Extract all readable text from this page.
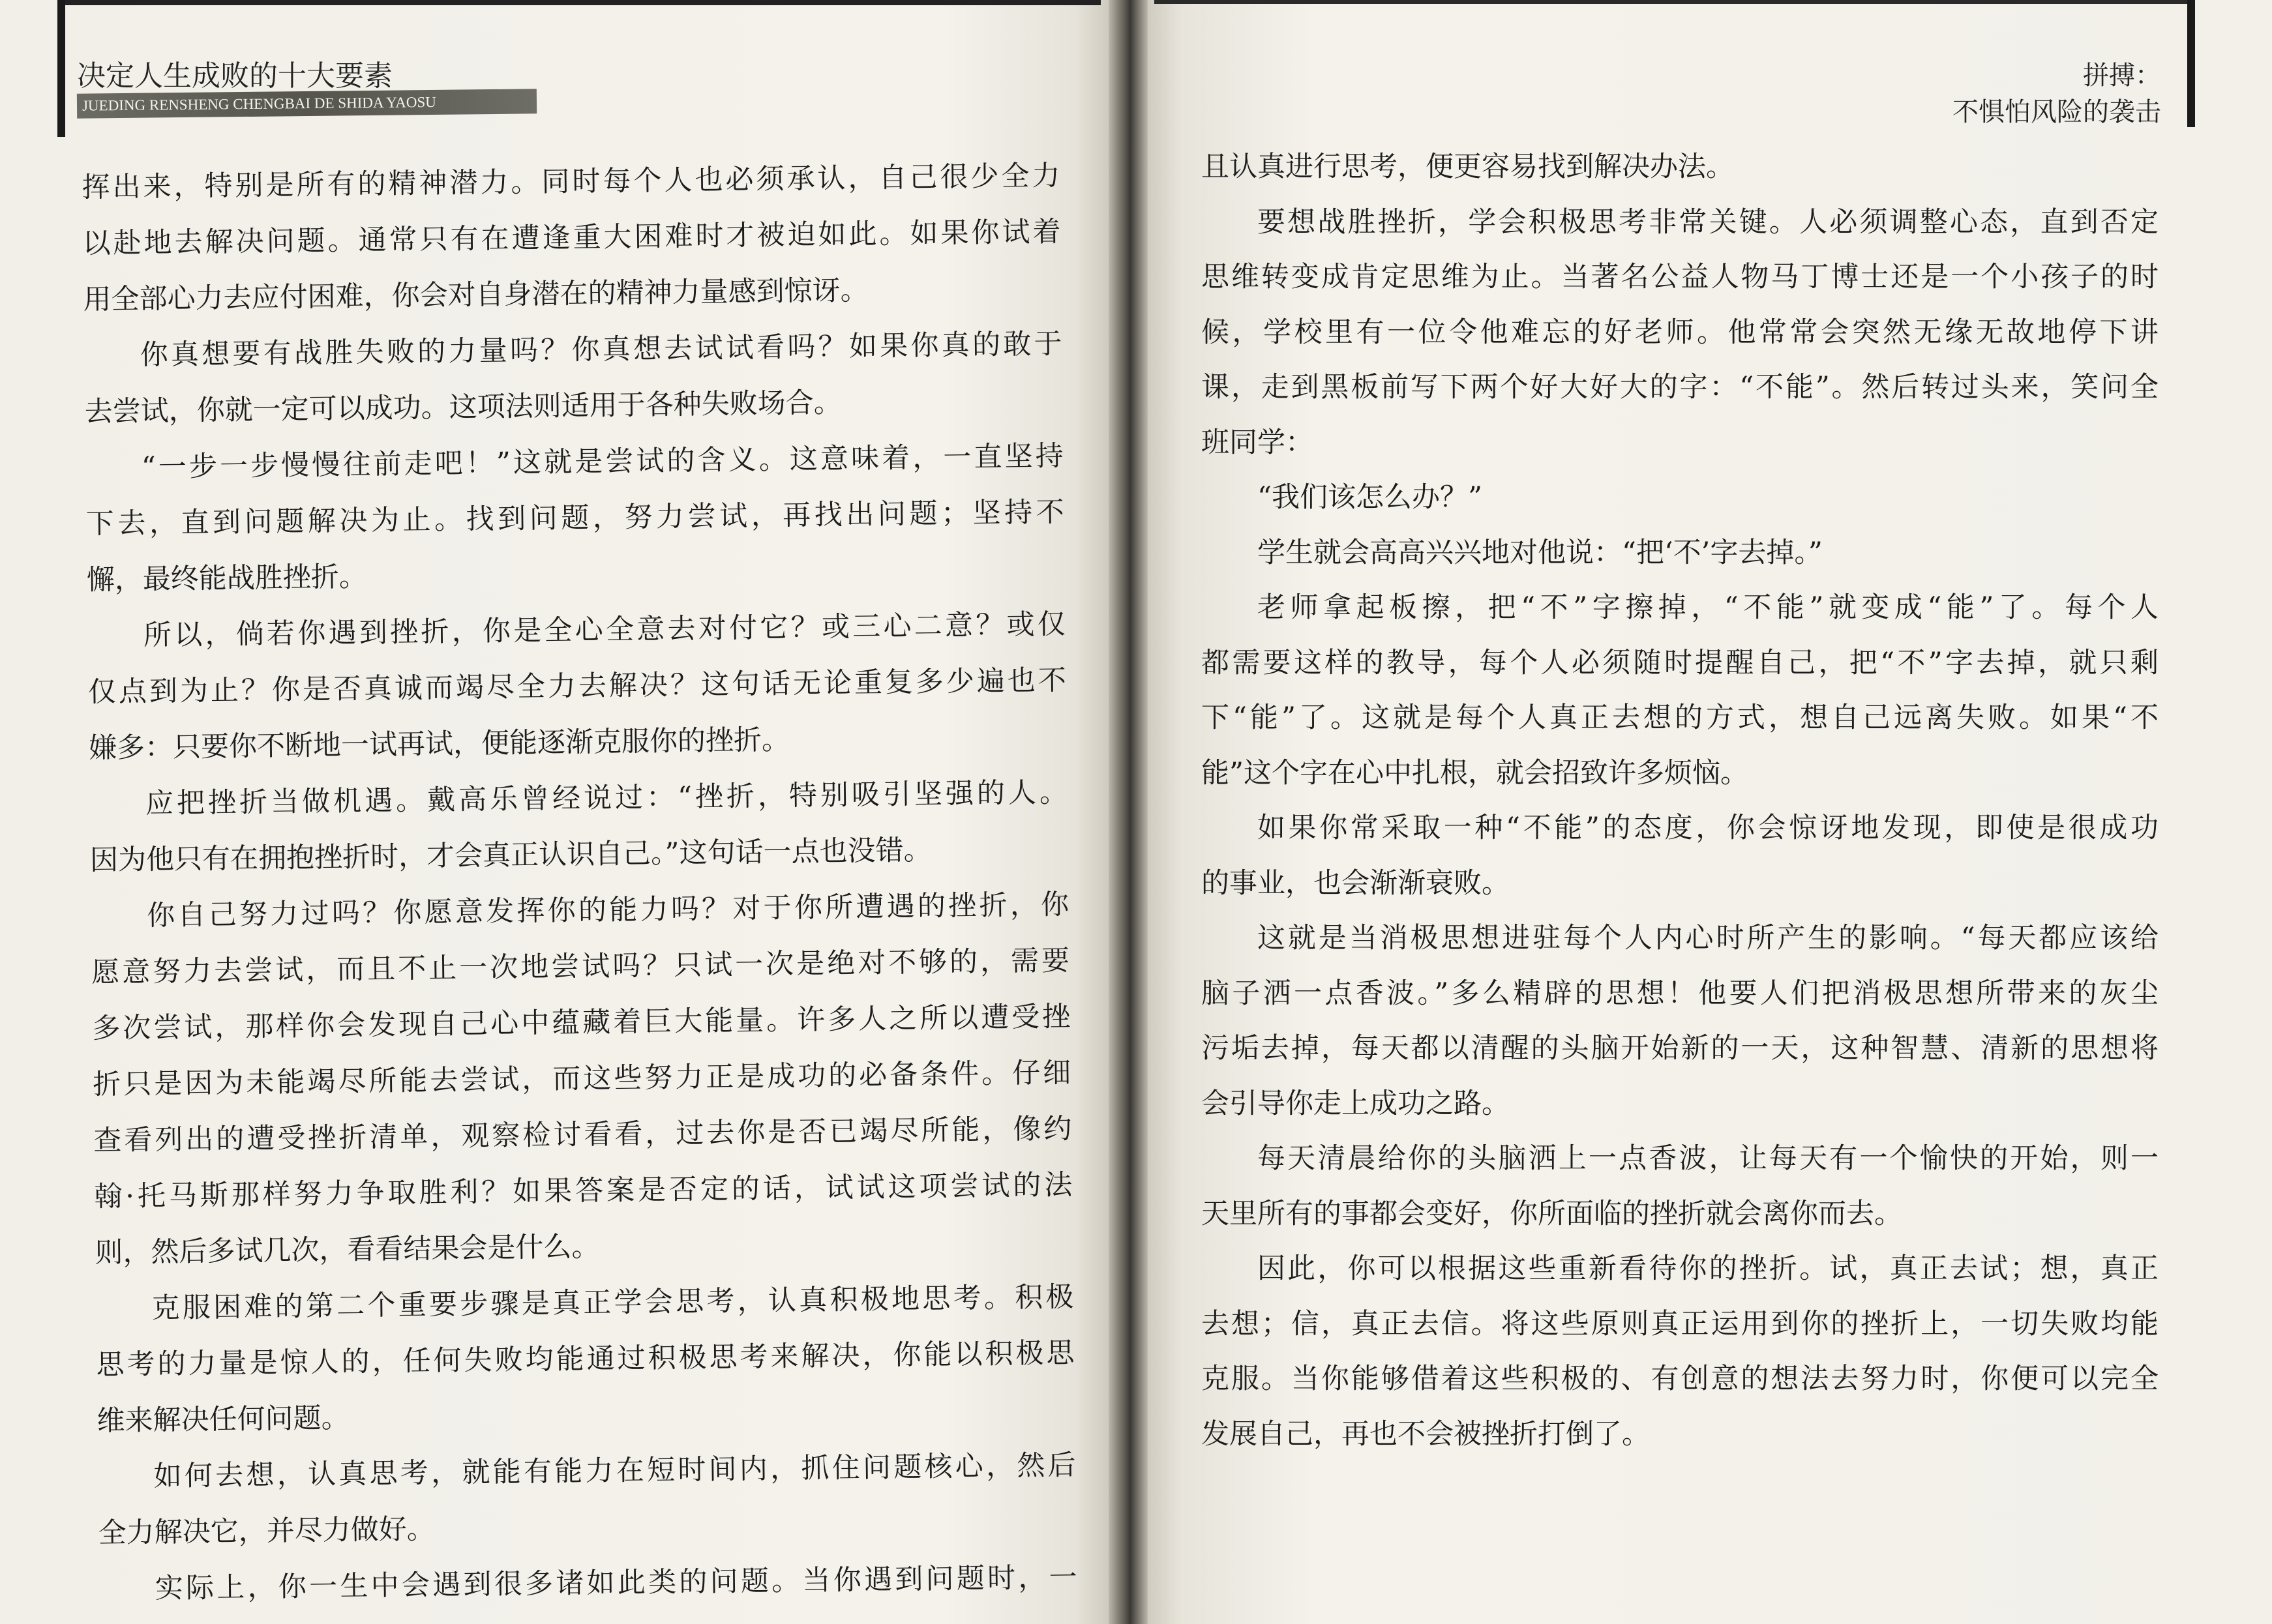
决定人生成败的十大要素
JUEDING RENSHENG CHENGBAI DE SHIDA YAOSU
挥出来，特别是所有的精神潜力。同时每个人也必须承认，自己很少全力
以赴地去解决问题。通常只有在遭逢重大困难时才被迫如此。如果你试着
用全部心力去应付困难，你会对自身潜在的精神力量感到惊讶。
你真想要有战胜失败的力量吗？你真想去试试看吗？如果你真的敢于
去尝试，你就一定可以成功。这项法则适用于各种失败场合。
“一步一步慢慢往前走吧！”这就是尝试的含义。这意味着，一直坚持
下去，直到问题解决为止。找到问题，努力尝试，再找出问题；坚持不
懈，最终能战胜挫折。
所以，倘若你遇到挫折，你是全心全意去对付它？或三心二意？或仅
仅点到为止？你是否真诚而竭尽全力去解决？这句话无论重复多少遍也不
嫌多：只要你不断地一试再试，便能逐渐克服你的挫折。
应把挫折当做机遇。戴高乐曾经说过：“挫折，特别吸引坚强的人。
因为他只有在拥抱挫折时，才会真正认识自己。”这句话一点也没错。
你自己努力过吗？你愿意发挥你的能力吗？对于你所遭遇的挫折，你
愿意努力去尝试，而且不止一次地尝试吗？只试一次是绝对不够的，需要
多次尝试，那样你会发现自己心中蕴藏着巨大能量。许多人之所以遭受挫
折只是因为未能竭尽所能去尝试，而这些努力正是成功的必备条件。仔细
查看列出的遭受挫折清单，观察检讨看看，过去你是否已竭尽所能，像约
翰·托马斯那样努力争取胜利？如果答案是否定的话，试试这项尝试的法
则，然后多试几次，看看结果会是什么。
克服困难的第二个重要步骤是真正学会思考，认真积极地思考。积极
思考的力量是惊人的，任何失败均能通过积极思考来解决，你能以积极思
维来解决任何问题。
如何去想，认真思考，就能有能力在短时间内，抓住问题核心，然后
全力解决它，并尽力做好。
实际上，你一生中会遇到很多诸如此类的问题。当你遇到问题时，一
拼搏：
不惧怕风险的袭击
且认真进行思考，便更容易找到解决办法。
要想战胜挫折，学会积极思考非常关键。人必须调整心态，直到否定
思维转变成肯定思维为止。当著名公益人物马丁博士还是一个小孩子的时
候，学校里有一位令他难忘的好老师。他常常会突然无缘无故地停下讲
课，走到黑板前写下两个好大好大的字：“不能”。然后转过头来，笑问全
班同学：
“我们该怎么办？”
学生就会高高兴兴地对他说：“把‘不’字去掉。”
老师拿起板擦，把“不”字擦掉，“不能”就变成“能”了。每个人
都需要这样的教导，每个人必须随时提醒自己，把“不”字去掉，就只剩
下“能”了。这就是每个人真正去想的方式，想自己远离失败。如果“不
能”这个字在心中扎根，就会招致许多烦恼。
如果你常采取一种“不能”的态度，你会惊讶地发现，即使是很成功
的事业，也会渐渐衰败。
这就是当消极思想进驻每个人内心时所产生的影响。“每天都应该给
脑子洒一点香波。”多么精辟的思想！他要人们把消极思想所带来的灰尘
污垢去掉，每天都以清醒的头脑开始新的一天，这种智慧、清新的思想将
会引导你走上成功之路。
每天清晨给你的头脑洒上一点香波，让每天有一个愉快的开始，则一
天里所有的事都会变好，你所面临的挫折就会离你而去。
因此，你可以根据这些重新看待你的挫折。试，真正去试；想，真正
去想；信，真正去信。将这些原则真正运用到你的挫折上，一切失败均能
克服。当你能够借着这些积极的、有创意的想法去努力时，你便可以完全
发展自己，再也不会被挫折打倒了。
